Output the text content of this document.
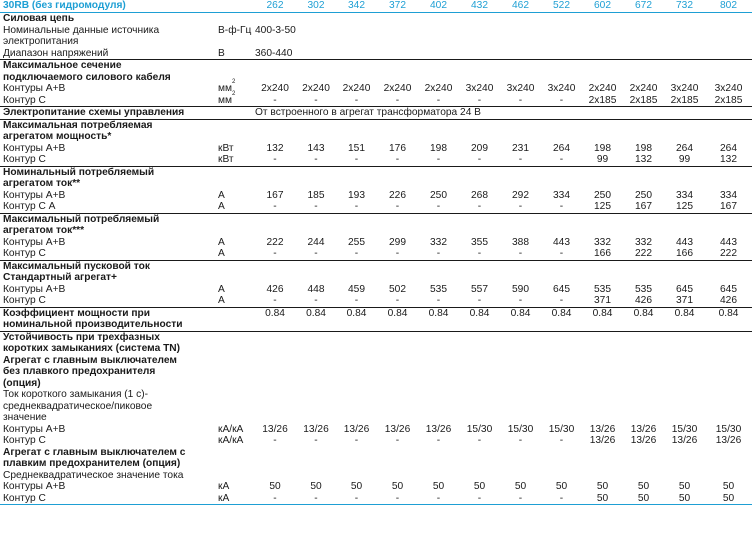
30RB (без гидромодуля)		262	302	342	372	402	432	462	522	602	672	732	802
Силовая цепь													
Номинальные данные источника	В-ф-Гц	400-3-50											
электропитания													
Диапазон напряжений	В	360-440											
Максимальное сечение													
подключаемого силового кабеля													
Контуры А+В	$мм^2$	2x240	2x240	2x240	2x240	2x240	3x240	3x240	3x240	2x240	2x240	3x240	3x240
Контур С	$мм^2$	-	-	-	-	-	-	-	-	2x185	2x185	2x185	2x185
Электропитание схемы управления		От встроенного в агрегат трансформатора 24 В											
Максимальная потребляемая													
агрегатом мощность*													
Контуры А+В	кВт	132	143	151	176	198	209	231	264	198	198	264	264
Контур С	кВт	-	-	-	-	-	-	-	-	99	132	99	132
Номинальный потребляемый													
агрегатом ток**													
Контуры А+В	А	167	185	193	226	250	268	292	334	250	250	334	334
Контур С А	А	-	-	-	-	-	-	-	-	125	167	125	167
Максимальный потребляемый													
агрегатом ток***													
Контуры А+В	А	222	244	255	299	332	355	388	443	332	332	443	443
Контур С	А	-	-	-	-	-	-	-	-	166	222	166	222
Максимальный пусковой ток													
Стандартный агрегат+													
Контуры А+В	А	426	448	459	502	535	557	590	645	535	535	645	645
Контур С	А	-	-	-	-	-	-	-	-	371	426	371	426
Коэффициент мощности при		0.84	0.84	0.84	0.84	0.84	0.84	0.84	0.84	0.84	0.84	0.84	0.84
номинальной производительности													
Устойчивость при трехфазных													
коротких замыканиях (система TN)													
Агрегат с главным выключателем													
без плавкого предохранителя													
(опция)													
Ток короткого замыкания (1 с)-													
среднеквадратическое/пиковое													
значение													
Контуры А+В	кА/кА	13/26	13/26	13/26	13/26	13/26	15/30	15/30	15/30	13/26	13/26	15/30	15/30
Контур С	кА/кА	-	-	-	-	-	-	-	-	13/26	13/26	13/26	13/26
Агрегат с главным выключателем с													
плавким предохранителем (опция)													
Среднеквадратическое значение тока													
Контуры А+В	кА	50	50	50	50	50	50	50	50	50	50	50	50
Контур С	кА	-	-	-	-	-	-	-	-	50	50	50	50
